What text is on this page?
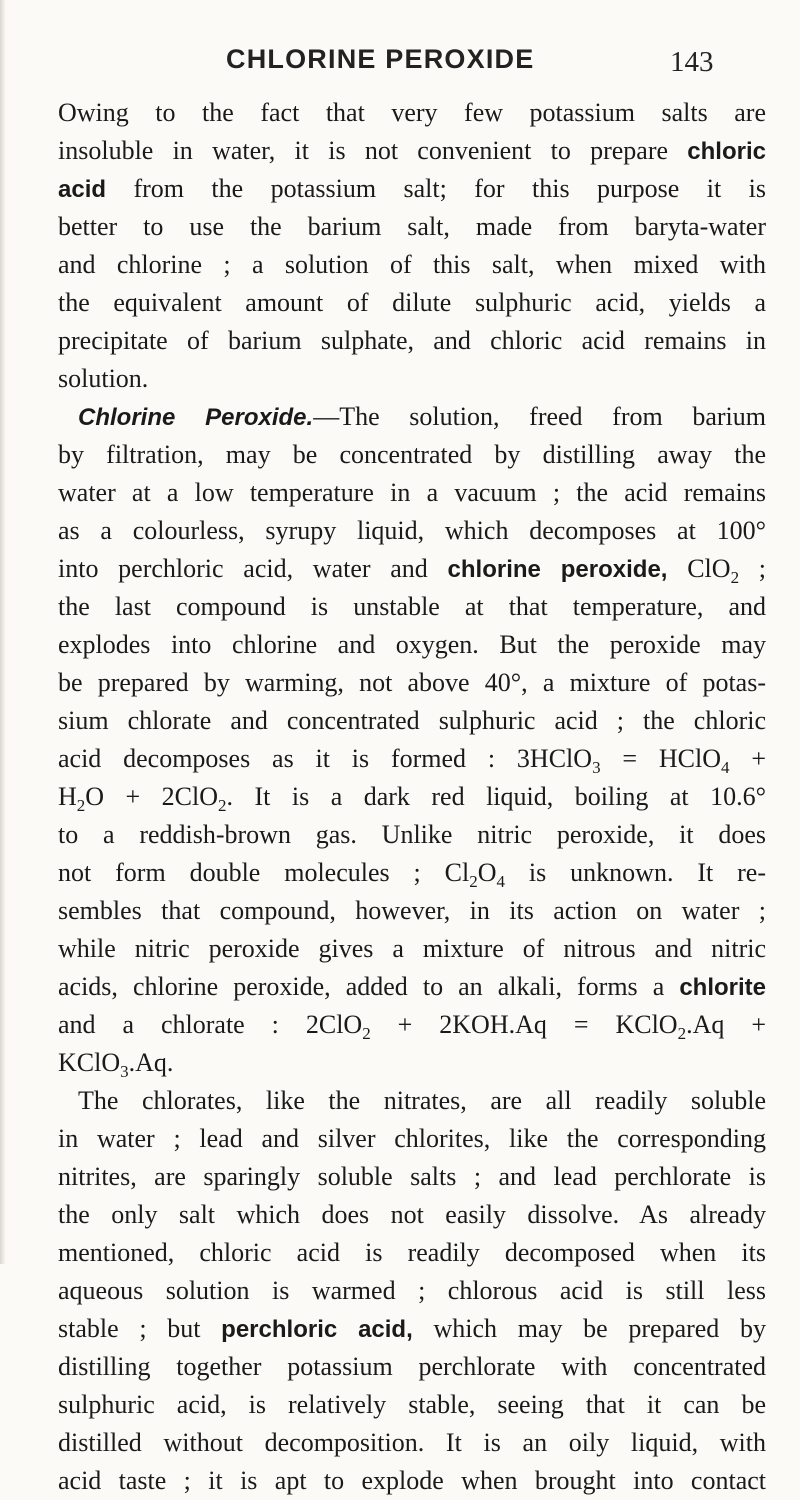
CHLORINE PEROXIDE	143
Owing to the fact that very few potassium salts are
insoluble in water, it is not convenient to prepare chloric
acid from the potassium salt; for this purpose it is
better to use the barium salt, made from baryta-water
and chlorine ; a solution of this salt, when mixed with
the equivalent amount of dilute sulphuric acid, yields a
precipitate of barium sulphate, and chloric acid remains in
solution.
Chlorine Peroxide.—The solution, freed from barium
by filtration, may be concentrated by distilling away the
water at a low temperature in a vacuum ; the acid remains
as a colourless, syrupy liquid, which decomposes at 100°
into perchloric acid, water and chlorine peroxide, ClO$_2$ ;
the last compound is unstable at that temperature, and
explodes into chlorine and oxygen. But the peroxide may
be prepared by warming, not above 40°, a mixture of potas-
sium chlorate and concentrated sulphuric acid ; the chloric
acid decomposes as it is formed : 3HClO$_3$ = HClO$_4$ +
$H_2O + 2ClO_2$. It is a dark red liquid, boiling at 10.6°
to a reddish-brown gas. Unlike nitric peroxide, it does
not form double molecules ; $Cl_2O_4$ is unknown. It re-
sembles that compound, however, in its action on water ;
while nitric peroxide gives a mixture of nitrous and nitric
acids, chlorine peroxide, added to an alkali, forms a chlorite
and a chlorate : 2ClO$_2$ + 2KOH.Aq = KClO$_2$.Aq +
KClO$_3$.Aq.
The chlorates, like the nitrates, are all readily soluble
in water ; lead and silver chlorites, like the corresponding
nitrites, are sparingly soluble salts ; and lead perchlorate is
the only salt which does not easily dissolve. As already
mentioned, chloric acid is readily decomposed when its
aqueous solution is warmed ; chlorous acid is still less
stable ; but perchloric acid, which may be prepared by
distilling together potassium perchlorate with concentrated
sulphuric acid, is relatively stable, seeing that it can be
distilled without decomposition. It is an oily liquid, with
acid taste ; it is apt to explode when brought into contact
